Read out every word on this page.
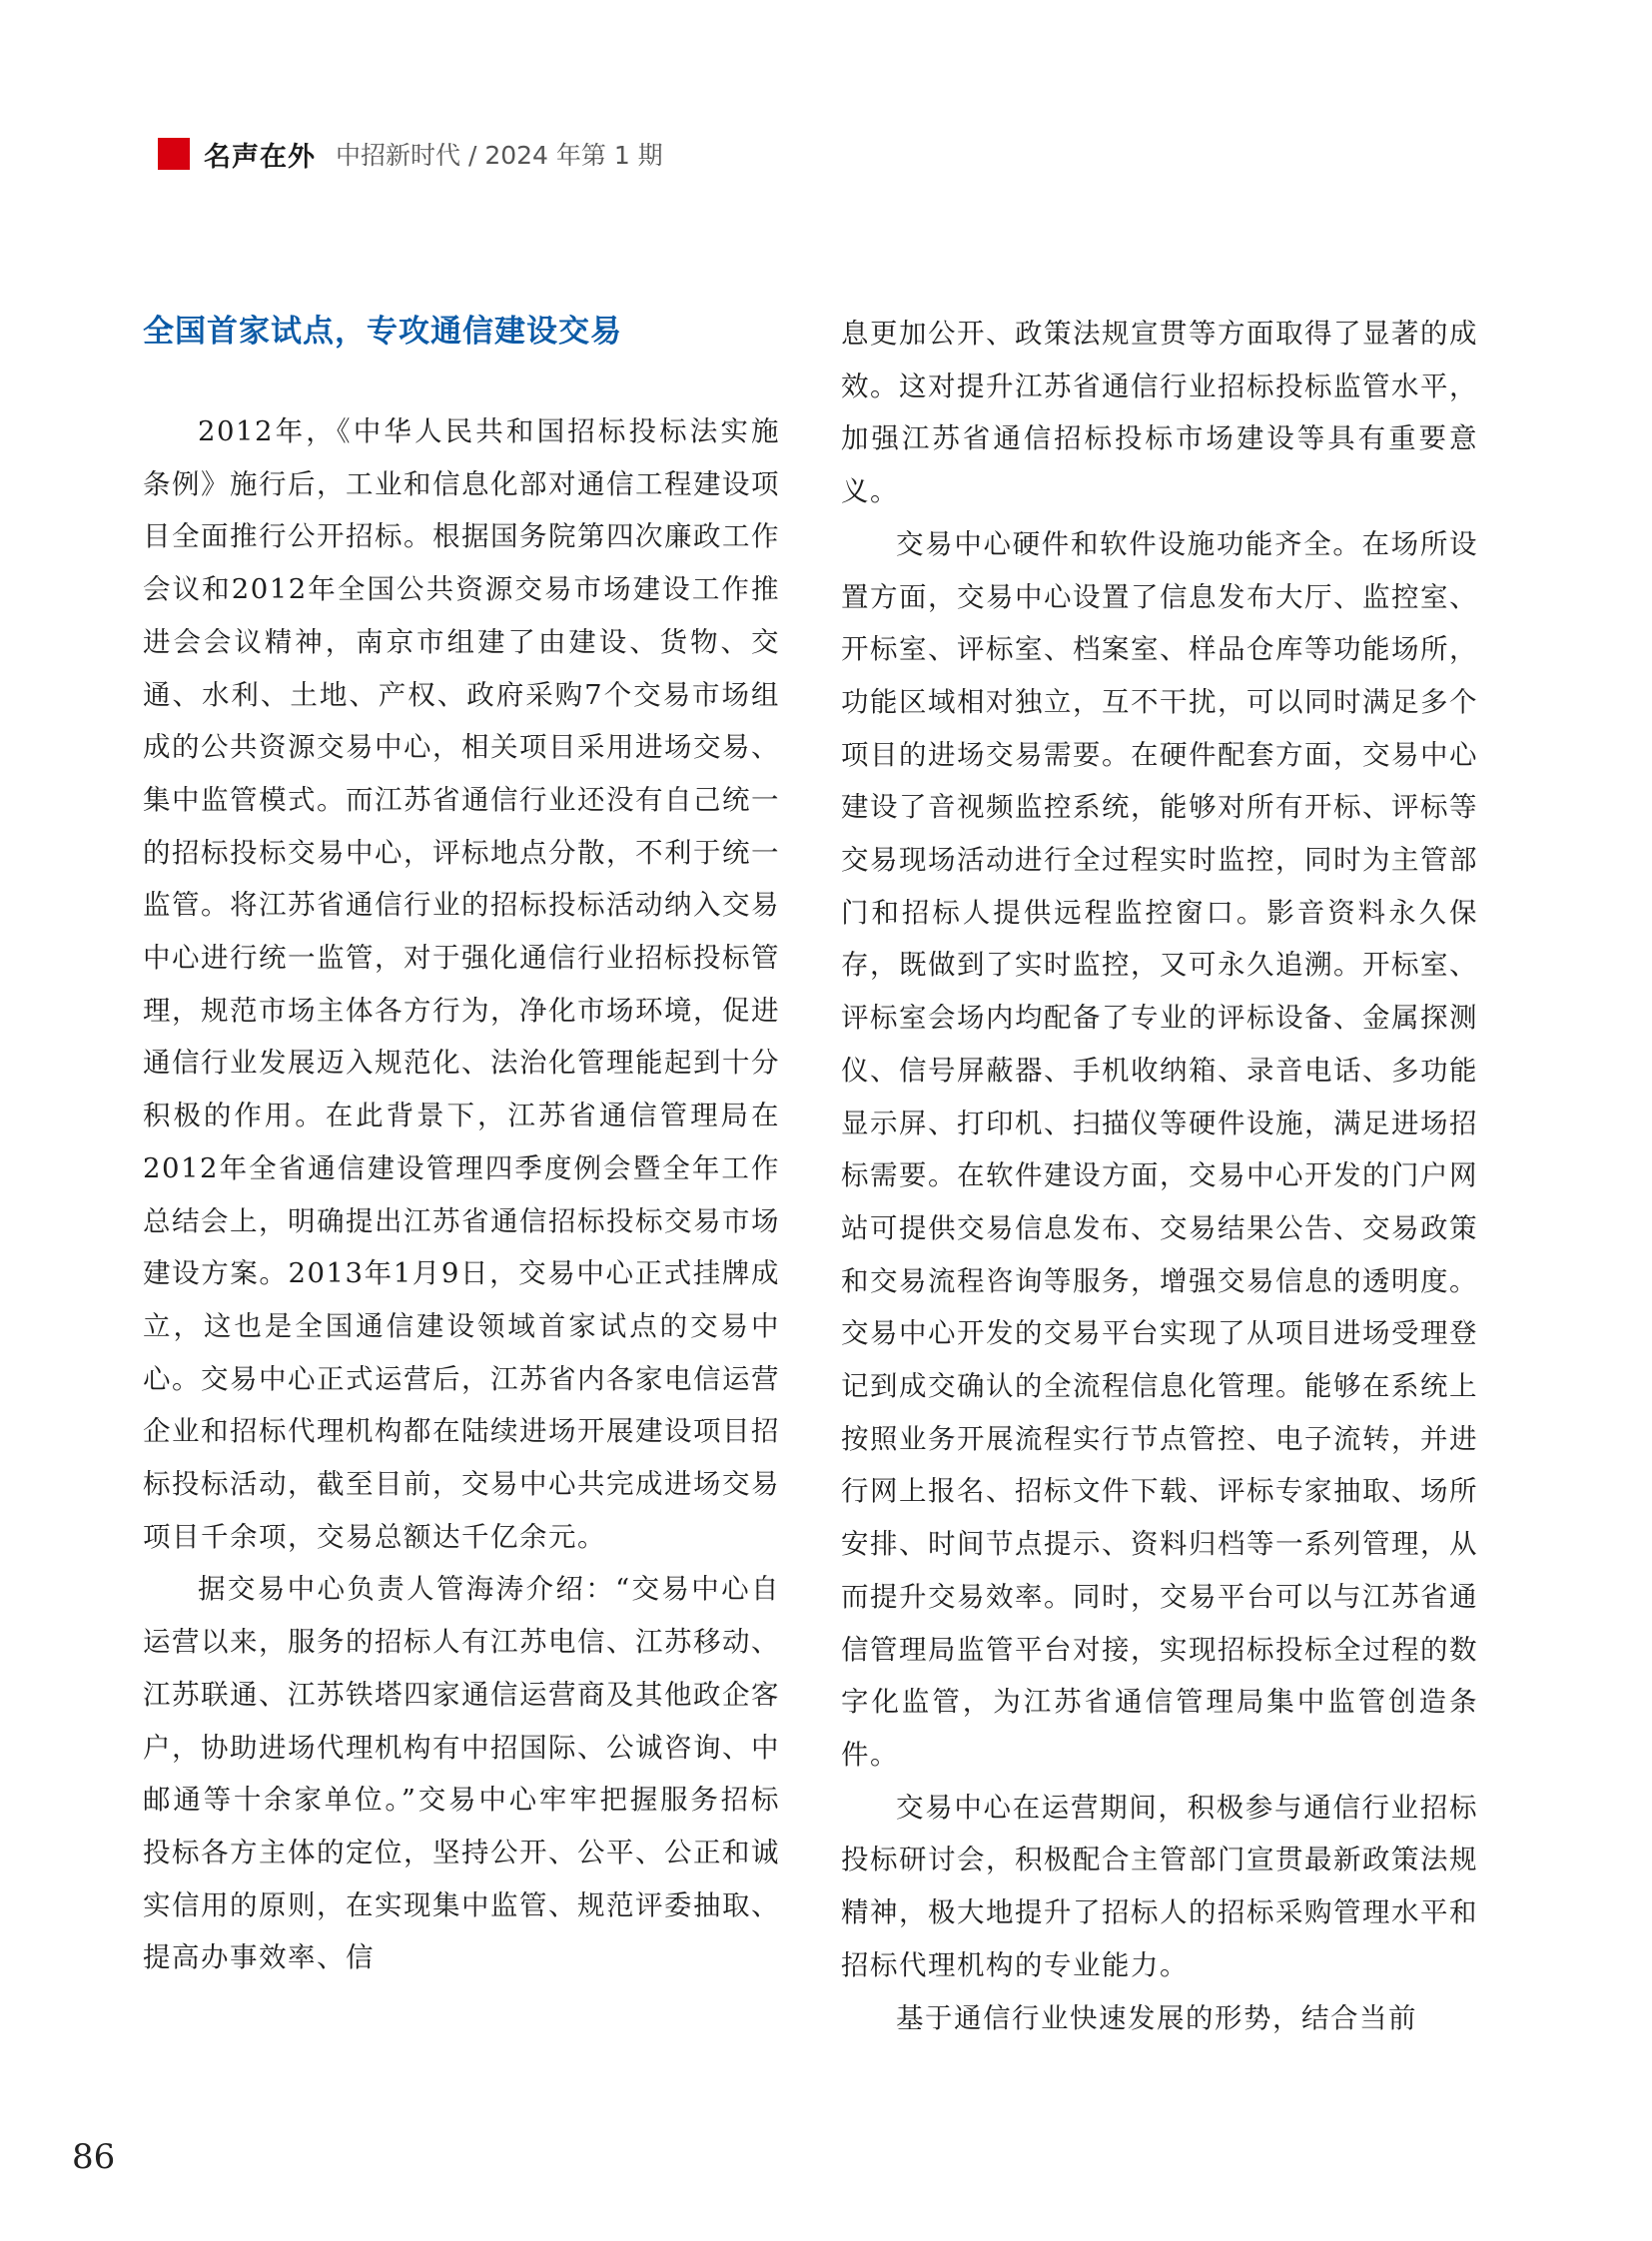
名声在外 中招新时代 / 2024 年第 1 期
全国首家试点，专攻通信建设交易

2012年，《中华人民共和国招标投标法实施条例》施行后，工业和信息化部对通信工程建设项目全面推行公开招标。根据国务院第四次廉政工作会议和2012年全国公共资源交易市场建设工作推进会会议精神，南京市组建了由建设、货物、交通、水利、土地、产权、政府采购7个交易市场组成的公共资源交易中心，相关项目采用进场交易、集中监管模式。而江苏省通信行业还没有自己统一的招标投标交易中心，评标地点分散，不利于统一监管。将江苏省通信行业的招标投标活动纳入交易中心进行统一监管，对于强化通信行业招标投标管理，规范市场主体各方行为，净化市场环境，促进通信行业发展迈入规范化、法治化管理能起到十分积极的作用。在此背景下，江苏省通信管理局在2012年全省通信建设管理四季度例会暨全年工作总结会上，明确提出江苏省通信招标投标交易市场建设方案。2013年1月9日，交易中心正式挂牌成立，这也是全国通信建设领域首家试点的交易中心。交易中心正式运营后，江苏省内各家电信运营企业和招标代理机构都在陆续进场开展建设项目招标投标活动，截至目前，交易中心共完成进场交易项目千余项，交易总额达千亿余元。

据交易中心负责人管海涛介绍：“交易中心自运营以来，服务的招标人有江苏电信、江苏移动、江苏联通、江苏铁塔四家通信运营商及其他政企客户，协助进场代理机构有中招国际、公诚咨询、中邮通等十余家单位。”交易中心牢牢把握服务招标投标各方主体的定位，坚持公开、公平、公正和诚实信用的原则，在实现集中监管、规范评委抽取、提高办事效率、信

息更加公开、政策法规宣贯等方面取得了显著的成效。这对提升江苏省通信行业招标投标监管水平，加强江苏省通信招标投标市场建设等具有重要意义。

交易中心硬件和软件设施功能齐全。在场所设置方面，交易中心设置了信息发布大厅、监控室、开标室、评标室、档案室、样品仓库等功能场所，功能区域相对独立，互不干扰，可以同时满足多个项目的进场交易需要。在硬件配套方面，交易中心建设了音视频监控系统，能够对所有开标、评标等交易现场活动进行全过程实时监控，同时为主管部门和招标人提供远程监控窗口。影音资料永久保存，既做到了实时监控，又可永久追溯。开标室、评标室会场内均配备了专业的评标设备、金属探测仪、信号屏蔽器、手机收纳箱、录音电话、多功能显示屏、打印机、扫描仪等硬件设施，满足进场招标需要。在软件建设方面，交易中心开发的门户网站可提供交易信息发布、交易结果公告、交易政策和交易流程咨询等服务，增强交易信息的透明度。交易中心开发的交易平台实现了从项目进场受理登记到成交确认的全流程信息化管理。能够在系统上按照业务开展流程实行节点管控、电子流转，并进行网上报名、招标文件下载、评标专家抽取、场所安排、时间节点提示、资料归档等一系列管理，从而提升交易效率。同时，交易平台可以与江苏省通信管理局监管平台对接，实现招标投标全过程的数字化监管，为江苏省通信管理局集中监管创造条件。

交易中心在运营期间，积极参与通信行业招标投标研讨会，积极配合主管部门宣贯最新政策法规精神，极大地提升了招标人的招标采购管理水平和招标代理机构的专业能力。

基于通信行业快速发展的形势，结合当前

86
